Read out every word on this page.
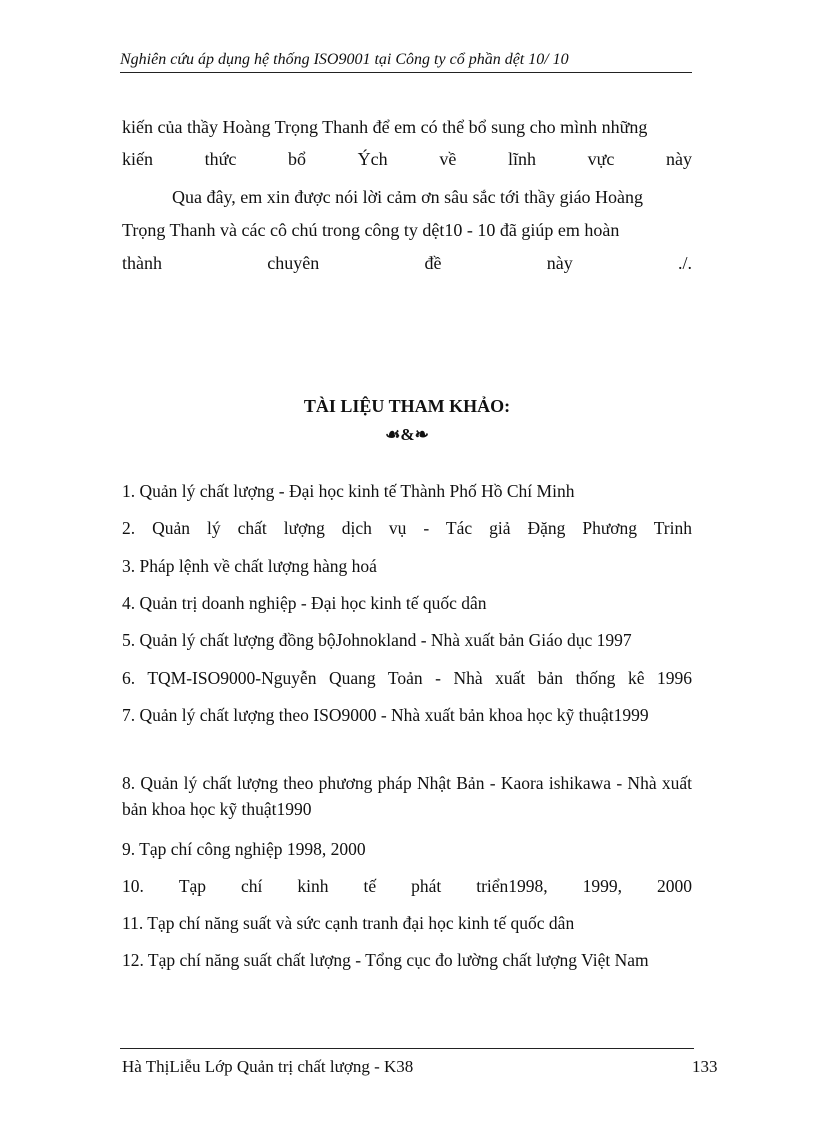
Nghiên cứu áp dụng hệ thống ISO9001 tại Công ty cổ phần dệt 10/ 10
kiến của thầy Hoàng Trọng Thanh để em có thể bổ sung cho mình những
kiến	thức	bổ	Ých	về	lĩnh	vực	này
Qua đây, em xin được nói lời cảm ơn sâu sắc tới thầy giáo Hoàng
Trọng Thanh và các cô chú trong công ty dệt10 - 10 đã giúp em hoàn
thành	chuyên	đề	này	./.
TÀI LIỆU THAM KHẢO:
☙&❧
1. Quản lý chất lượng - Đại học kinh tế Thành Phố Hồ Chí Minh
2. Quản lý chất lượng dịch vụ - Tác giả Đặng Phương Trinh
3. Pháp lệnh về chất lượng hàng hoá
4. Quản trị doanh nghiệp - Đại học kinh tế quốc dân
5. Quản lý chất lượng đồng bộJohnokland - Nhà xuất bản Giáo dục 1997
6. TQM-ISO9000-Nguyễn Quang Toản - Nhà xuất bản thống kê 1996
7. Quản lý chất lượng theo ISO9000 - Nhà xuất bản khoa học kỹ thuật1999
8. Quản lý chất lượng theo phương pháp Nhật Bản - Kaora ishikawa - Nhà xuất bản khoa học kỹ thuật1990
9. Tạp chí công nghiệp 1998, 2000
10. Tạp chí kinh tế phát triển1998, 1999, 2000
11. Tạp chí năng suất và sức cạnh tranh đại học kinh tế quốc dân
12. Tạp chí năng suất chất lượng - Tổng cục đo lường chất lượng Việt Nam
Hà ThịLiễu Lớp Quản trị chất lượng - K38	133
